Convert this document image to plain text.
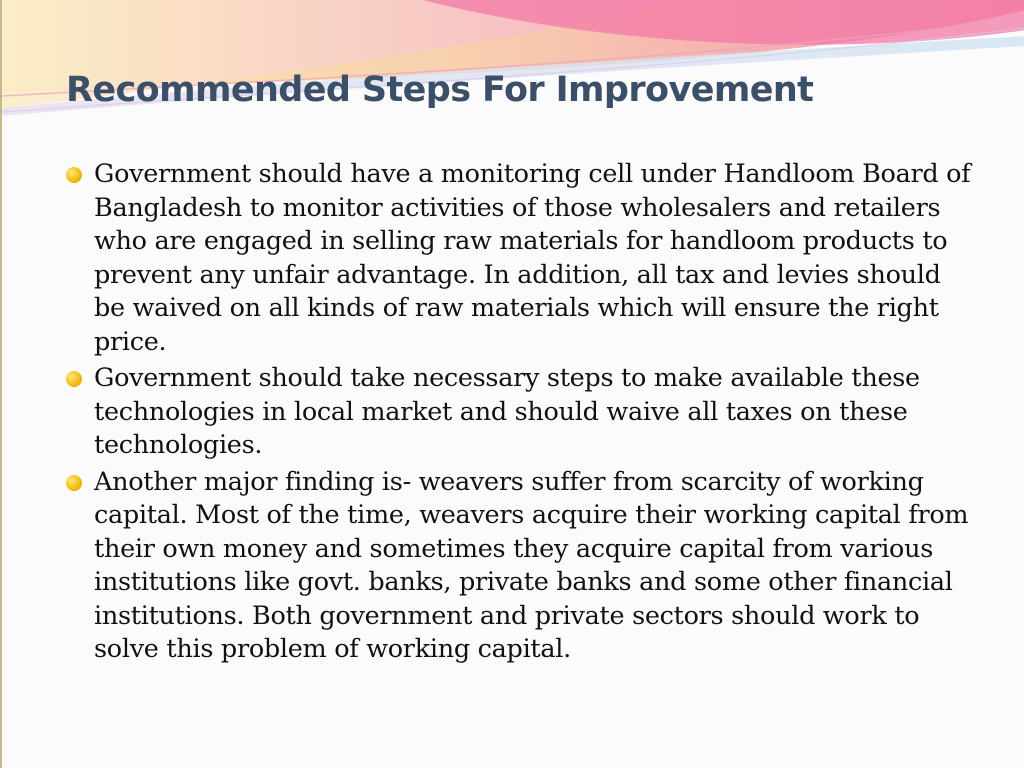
Recommended Steps For Improvement
Government should have a monitoring cell under Handloom Board of Bangladesh to monitor activities of those wholesalers and retailers who are engaged in selling raw materials for handloom products to prevent any unfair advantage. In addition, all tax and levies should be waived on all kinds of raw materials which will ensure the right price.
Government should take necessary steps to make available these technologies in local market and should waive all taxes on these technologies.
Another major finding is- weavers suffer from scarcity of working capital. Most of the time, weavers acquire their working capital from their own money and sometimes they acquire capital from various institutions like govt. banks, private banks and some other financial institutions. Both government and private sectors should work to solve this problem of working capital.
